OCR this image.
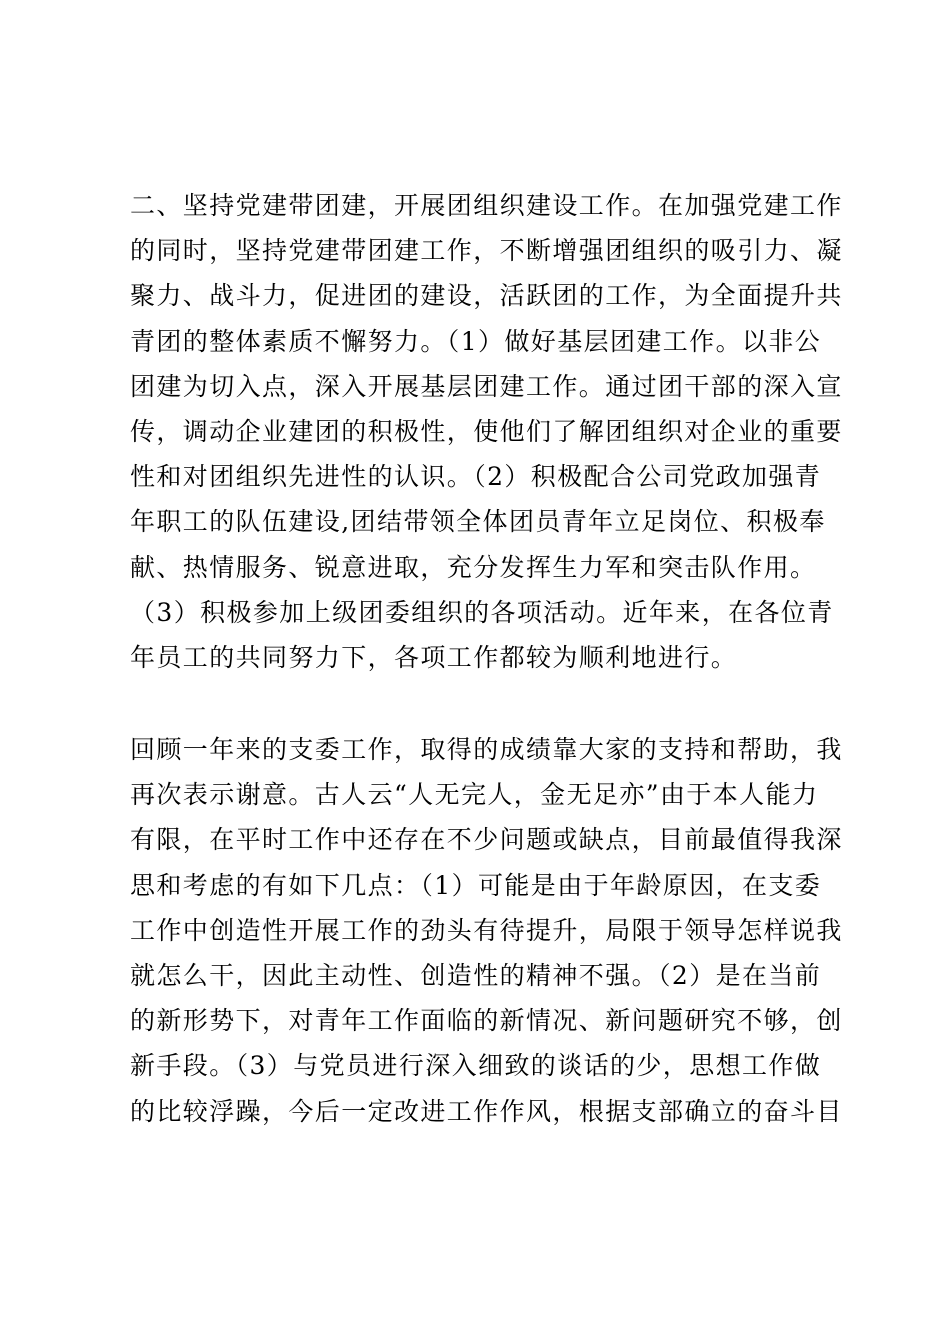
二、坚持党建带团建，开展团组织建设工作。在加强党建工作
的同时，坚持党建带团建工作，不断增强团组织的吸引力、凝
聚力、战斗力，促进团的建设，活跃团的工作，为全面提升共
青团的整体素质不懈努力。（1）做好基层团建工作。以非公
团建为切入点，深入开展基层团建工作。通过团干部的深入宣
传，调动企业建团的积极性，使他们了解团组织对企业的重要
性和对团组织先进性的认识。（2）积极配合公司党政加强青
年职工的队伍建设,团结带领全体团员青年立足岗位、积极奉
献、热情服务、锐意进取，充分发挥生力军和突击队作用。
（3）积极参加上级团委组织的各项活动。近年来，在各位青
年员工的共同努力下，各项工作都较为顺利地进行。
回顾一年来的支委工作，取得的成绩靠大家的支持和帮助，我
再次表示谢意。古人云“人无完人，金无足亦”由于本人能力
有限，在平时工作中还存在不少问题或缺点，目前最值得我深
思和考虑的有如下几点：（1）可能是由于年龄原因，在支委
工作中创造性开展工作的劲头有待提升，局限于领导怎样说我
就怎么干，因此主动性、创造性的精神不强。（2）是在当前
的新形势下，对青年工作面临的新情况、新问题研究不够，创
新手段。（3）与党员进行深入细致的谈话的少，思想工作做
的比较浮躁，今后一定改进工作作风，根据支部确立的奋斗目
